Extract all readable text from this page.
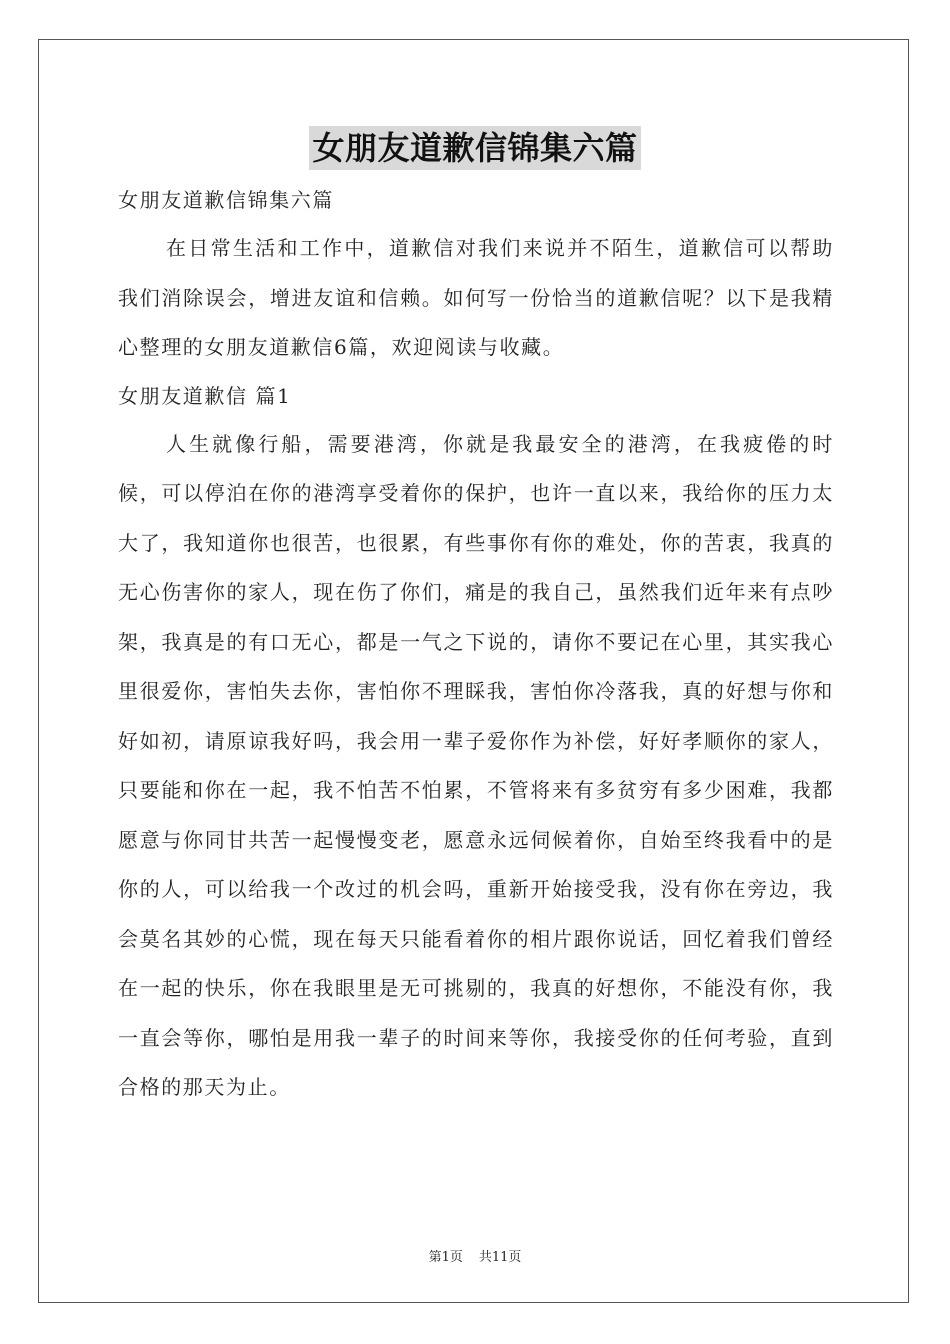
女朋友道歉信锦集六篇

女朋友道歉信锦集六篇

在日常生活和工作中，道歉信对我们来说并不陌生，道歉信可以帮助我们消除误会，增进友谊和信赖。如何写一份恰当的道歉信呢？以下是我精心整理的女朋友道歉信6篇，欢迎阅读与收藏。

女朋友道歉信 篇1

人生就像行船，需要港湾，你就是我最安全的港湾，在我疲倦的时候，可以停泊在你的港湾享受着你的保护，也许一直以来，我给你的压力太大了，我知道你也很苦，也很累，有些事你有你的难处，你的苦衷，我真的无心伤害你的家人，现在伤了你们，痛是的我自己，虽然我们近年来有点吵架，我真是的有口无心，都是一气之下说的，请你不要记在心里，其实我心里很爱你，害怕失去你，害怕你不理睬我，害怕你冷落我，真的好想与你和好如初，请原谅我好吗，我会用一辈子爱你作为补偿，好好孝顺你的家人，只要能和你在一起，我不怕苦不怕累，不管将来有多贫穷有多少困难，我都愿意与你同甘共苦一起慢慢变老，愿意永远伺候着你，自始至终我看中的是你的人，可以给我一个改过的机会吗，重新开始接受我，没有你在旁边，我会莫名其妙的心慌，现在每天只能看着你的相片跟你说话，回忆着我们曾经在一起的快乐，你在我眼里是无可挑剔的，我真的好想你，不能没有你，我一直会等你，哪怕是用我一辈子的时间来等你，我接受你的任何考验，直到合格的那天为止。

第1页 共11页
